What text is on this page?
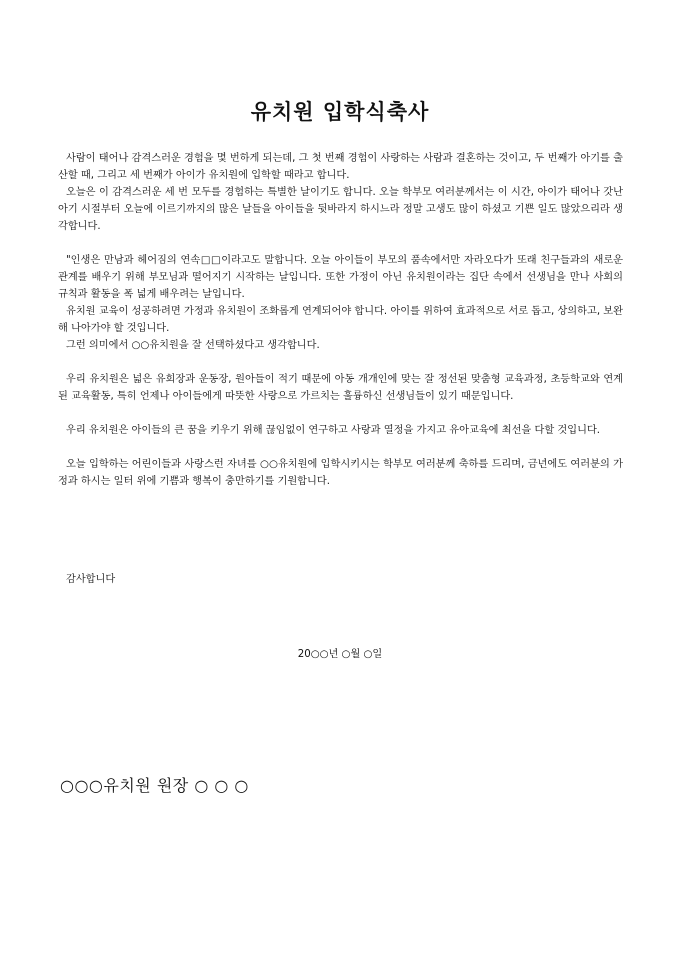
유치원 입학식축사

사람이 태어나 감격스러운 경험을 몇 번하게 되는데, 그 첫 번째 경험이 사랑하는 사람과 결혼하는 것이고, 두 번째가 아기를 출산할 때, 그리고 세 번째가 아이가 유치원에 입학할 때라고 합니다.

오늘은 이 감격스러운 세 번 모두를 경험하는 특별한 날이기도 합니다. 오늘 학부모 여러분께서는 이 시간, 아이가 태어나 갓난아기 시절부터 오늘에 이르기까지의 많은 날들을 아이들을 뒷바라지 하시느라 정말 고생도 많이 하셨고 기쁜 일도 많았으리라 생각합니다.

"인생은 만남과 헤어짐의 연속□□이라고도 말합니다. 오늘 아이들이 부모의 품속에서만 자라오다가 또래 친구들과의 새로운 관계를 배우기 위해 부모님과 떨어지기 시작하는 날입니다. 또한 가정이 아닌 유치원이라는 집단 속에서 선생님을 만나 사회의 규칙과 활동을 폭 넓게 배우려는 날입니다.

유치원 교육이 성공하려면 가정과 유치원이 조화롭게 연계되어야 합니다. 아이를 위하여 효과적으로 서로 돕고, 상의하고, 보완해 나아가야 할 것입니다.

그런 의미에서 ○○유치원을 잘 선택하셨다고 생각합니다.

우리 유치원은 넓은 유희장과 운동장, 원아들이 적기 때문에 아동 개개인에 맞는 잘 정선된 맞춤형 교육과정, 초등학교와 연계된 교육활동, 특히 언제나 아이들에게 따뜻한 사랑으로 가르치는 훌륭하신 선생님들이 있기 때문입니다.

우리 유치원은 아이들의 큰 꿈을 키우기 위해 끊임없이 연구하고 사랑과 열정을 가지고 유아교육에 최선을 다할 것입니다.

오늘 입학하는 어린이들과 사랑스런 자녀를 ○○유치원에 입학시키시는 학부모 여러분께 축하를 드리며, 금년에도 여러분의 가정과 하시는 일터 위에 기쁨과 행복이 충만하기를 기원합니다.

감사합니다
20○○년 ○월 ○일
○○○유치원 원장 ○ ○ ○
